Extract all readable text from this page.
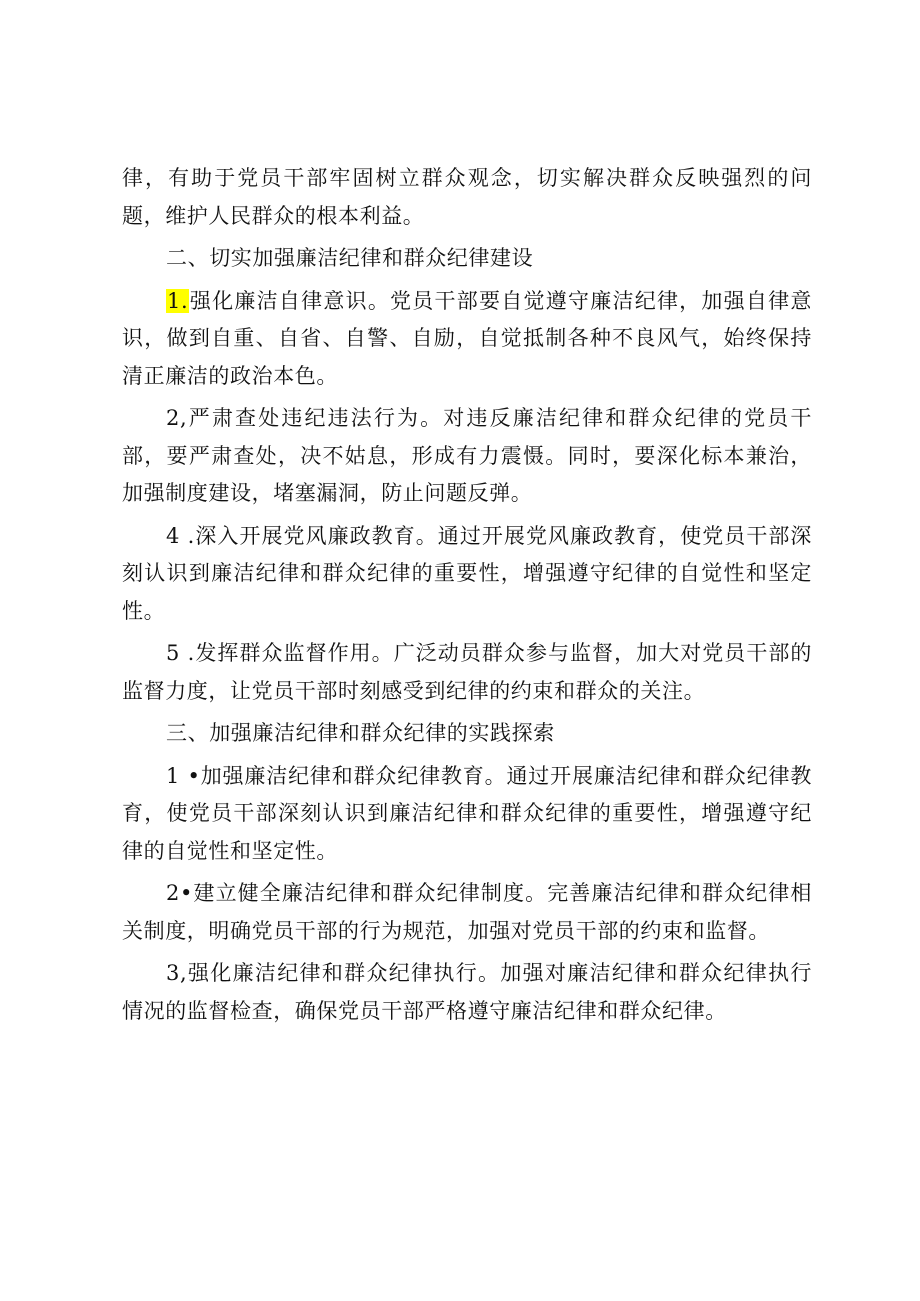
律，有助于党员干部牢固树立群众观念，切实解决群众反映强烈的问题，维护人民群众的根本利益。

二、切实加强廉洁纪律和群众纪律建设

1.强化廉洁自律意识。党员干部要自觉遵守廉洁纪律，加强自律意识，做到自重、自省、自警、自励，自觉抵制各种不良风气，始终保持清正廉洁的政治本色。

2,严肃查处违纪违法行为。对违反廉洁纪律和群众纪律的党员干部，要严肃查处，决不姑息，形成有力震慑。同时，要深化标本兼治，加强制度建设，堵塞漏洞，防止问题反弹。

4 .深入开展党风廉政教育。通过开展党风廉政教育，使党员干部深刻认识到廉洁纪律和群众纪律的重要性，增强遵守纪律的自觉性和坚定性。

5 .发挥群众监督作用。广泛动员群众参与监督，加大对党员干部的监督力度，让党员干部时刻感受到纪律的约束和群众的关注。

三、加强廉洁纪律和群众纪律的实践探索

1 •加强廉洁纪律和群众纪律教育。通过开展廉洁纪律和群众纪律教育，使党员干部深刻认识到廉洁纪律和群众纪律的重要性，增强遵守纪律的自觉性和坚定性。

2•建立健全廉洁纪律和群众纪律制度。完善廉洁纪律和群众纪律相关制度，明确党员干部的行为规范，加强对党员干部的约束和监督。

3,强化廉洁纪律和群众纪律执行。加强对廉洁纪律和群众纪律执行情况的监督检查，确保党员干部严格遵守廉洁纪律和群众纪律。
